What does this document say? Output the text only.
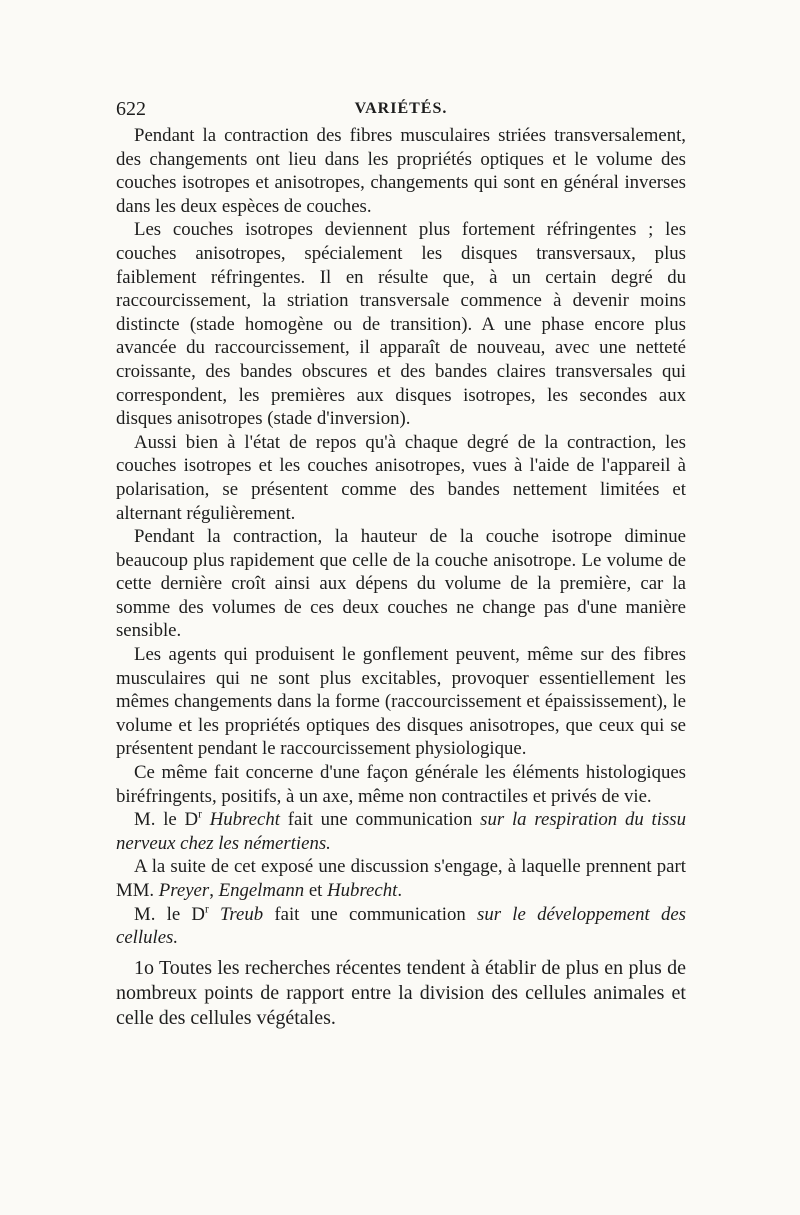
622	VARIÉTÉS.

Pendant la contraction des fibres musculaires striées transversalement, des changements ont lieu dans les propriétés optiques et le volume des couches isotropes et anisotropes, changements qui sont en général inverses dans les deux espèces de couches.

Les couches isotropes deviennent plus fortement réfringentes ; les couches anisotropes, spécialement les disques transversaux, plus faiblement réfringentes. Il en résulte que, à un certain degré du raccourcissement, la striation transversale commence à devenir moins distincte (stade homogène ou de transition). A une phase encore plus avancée du raccourcissement, il apparaît de nouveau, avec une netteté croissante, des bandes obscures et des bandes claires transversales qui correspondent, les premières aux disques isotropes, les secondes aux disques anisotropes (stade d'inversion).

Aussi bien à l'état de repos qu'à chaque degré de la contraction, les couches isotropes et les couches anisotropes, vues à l'aide de l'appareil à polarisation, se présentent comme des bandes nettement limitées et alternant régulièrement.

Pendant la contraction, la hauteur de la couche isotrope diminue beaucoup plus rapidement que celle de la couche anisotrope. Le volume de cette dernière croît ainsi aux dépens du volume de la première, car la somme des volumes de ces deux couches ne change pas d'une manière sensible.

Les agents qui produisent le gonflement peuvent, même sur des fibres musculaires qui ne sont plus excitables, provoquer essentiellement les mêmes changements dans la forme (raccourcissement et épaississement), le volume et les propriétés optiques des disques anisotropes, que ceux qui se présentent pendant le raccourcissement physiologique.

Ce même fait concerne d'une façon générale les éléments histologiques biréfringents, positifs, à un axe, même non contractiles et privés de vie.

M. le $D^r$ Hubrecht fait une communication sur la respiration du tissu nerveux chez les némertiens.

A la suite de cet exposé une discussion s'engage, à laquelle prennent part MM. Preyer, Engelmann et Hubrecht.

M. le $D^r$ Treub fait une communication sur le développement des cellules.

1o Toutes les recherches récentes tendent à établir de plus en plus de nombreux points de rapport entre la division des cellules animales et celle des cellules végétales.
